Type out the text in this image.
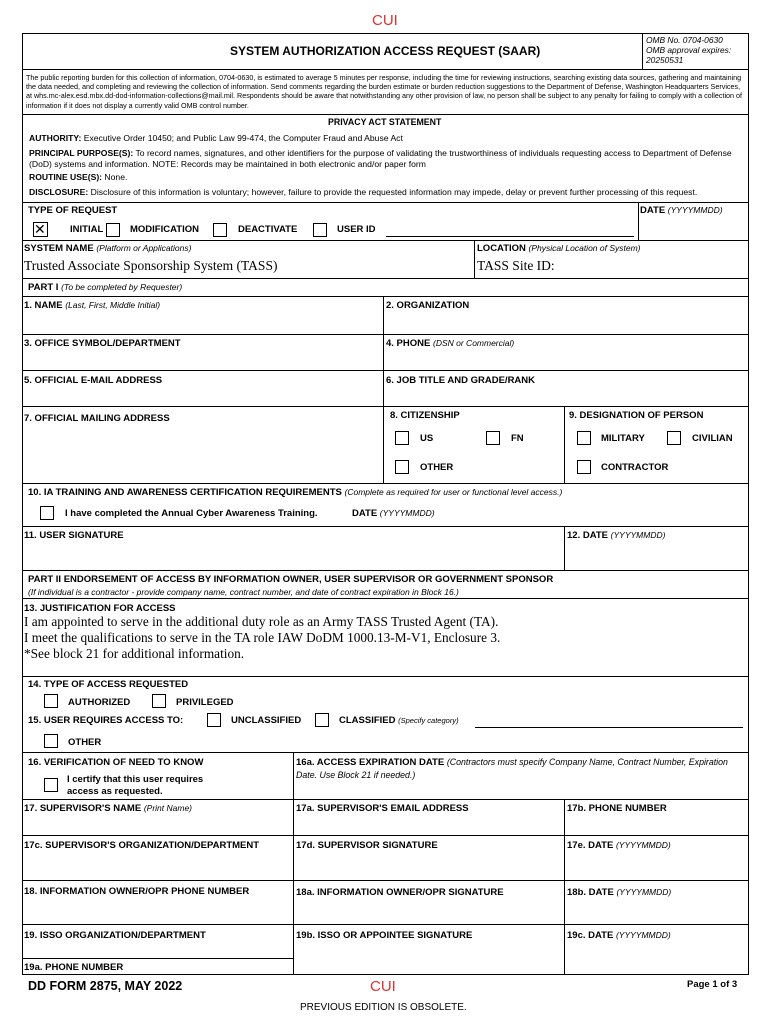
CUI
SYSTEM AUTHORIZATION ACCESS REQUEST (SAAR)
OMB No. 0704-0630
OMB approval expires:
20250531
The public reporting burden for this collection of information, 0704-0630, is estimated to average 5 minutes per response, including the time for reviewing instructions, searching existing data sources, gathering and maintaining the data needed, and completing and reviewing the collection of information. Send comments regarding the burden estimate or burden reduction suggestions to the Department of Defense, Washington Headquarters Services, at whs.mc-alex.esd.mbx.dd-dod-information-collections@mail.mil. Respondents should be aware that notwithstanding any other provision of law, no person shall be subject to any penalty for failing to comply with a collection of information if it does not display a currently valid OMB control number.
PRIVACY ACT STATEMENT
AUTHORITY: Executive Order 10450; and Public Law 99-474, the Computer Fraud and Abuse Act
PRINCIPAL PURPOSE(S): To record names, signatures, and other identifiers for the purpose of validating the trustworthiness of individuals requesting access to Department of Defense (DoD) systems and information. NOTE: Records may be maintained in both electronic and/or paper form
ROUTINE USE(S): None.
DISCLOSURE: Disclosure of this information is voluntary; however, failure to provide the requested information may impede, delay or prevent further processing of this request.
TYPE OF REQUEST	DATE (YYYYMMDD)
✕
INITIAL	MODIFICATION	DEACTIVATE	USER ID
SYSTEM NAME (Platform or Applications)
Trusted Associate Sponsorship System (TASS)
LOCATION (Physical Location of System)
TASS Site ID:
PART I (To be completed by Requester)
1. NAME (Last, First, Middle Initial)	2. ORGANIZATION
3. OFFICE SYMBOL/DEPARTMENT	4. PHONE (DSN or Commercial)
5. OFFICIAL E-MAIL ADDRESS	6. JOB TITLE AND GRADE/RANK
7. OFFICIAL MAILING ADDRESS	8. CITIZENSHIP
US	FN
OTHER
9. DESIGNATION OF PERSON
MILITARY	CIVILIAN
CONTRACTOR
10. IA TRAINING AND AWARENESS CERTIFICATION REQUIREMENTS (Complete as required for user or functional level access.)
I have completed the Annual Cyber Awareness Training.	DATE (YYYYMMDD)
11. USER SIGNATURE	12. DATE (YYYYMMDD)
PART II ENDORSEMENT OF ACCESS BY INFORMATION OWNER, USER SUPERVISOR OR GOVERNMENT SPONSOR
(If individual is a contractor - provide company name, contract number, and date of contract expiration in Block 16.)
13. JUSTIFICATION FOR ACCESS
I am appointed to serve in the additional duty role as an Army TASS Trusted Agent (TA).
I meet the qualifications to serve in the TA role IAW DoDM 1000.13-M-V1, Enclosure 3.
*See block 21 for additional information.
14. TYPE OF ACCESS REQUESTED
AUTHORIZED	PRIVILEGED
15. USER REQUIRES ACCESS TO:	UNCLASSIFIED	CLASSIFIED (Specify category)
OTHER
16. VERIFICATION OF NEED TO KNOW
I certify that this user requires
access as requested.
16a. ACCESS EXPIRATION DATE (Contractors must specify Company Name, Contract Number, Expiration Date. Use Block 21 if needed.)
17. SUPERVISOR'S NAME (Print Name)	17a. SUPERVISOR'S EMAIL ADDRESS	17b. PHONE NUMBER
17c. SUPERVISOR'S ORGANIZATION/DEPARTMENT	17d. SUPERVISOR SIGNATURE	17e. DATE (YYYYMMDD)
18. INFORMATION OWNER/OPR PHONE NUMBER	18a. INFORMATION OWNER/OPR SIGNATURE	18b. DATE (YYYYMMDD)
19. ISSO ORGANIZATION/DEPARTMENT	19b. ISSO OR APPOINTEE SIGNATURE	19c. DATE (YYYYMMDD)
19a. PHONE NUMBER
DD FORM 2875, MAY 2022	CUI	Page 1 of 3
PREVIOUS EDITION IS OBSOLETE.
